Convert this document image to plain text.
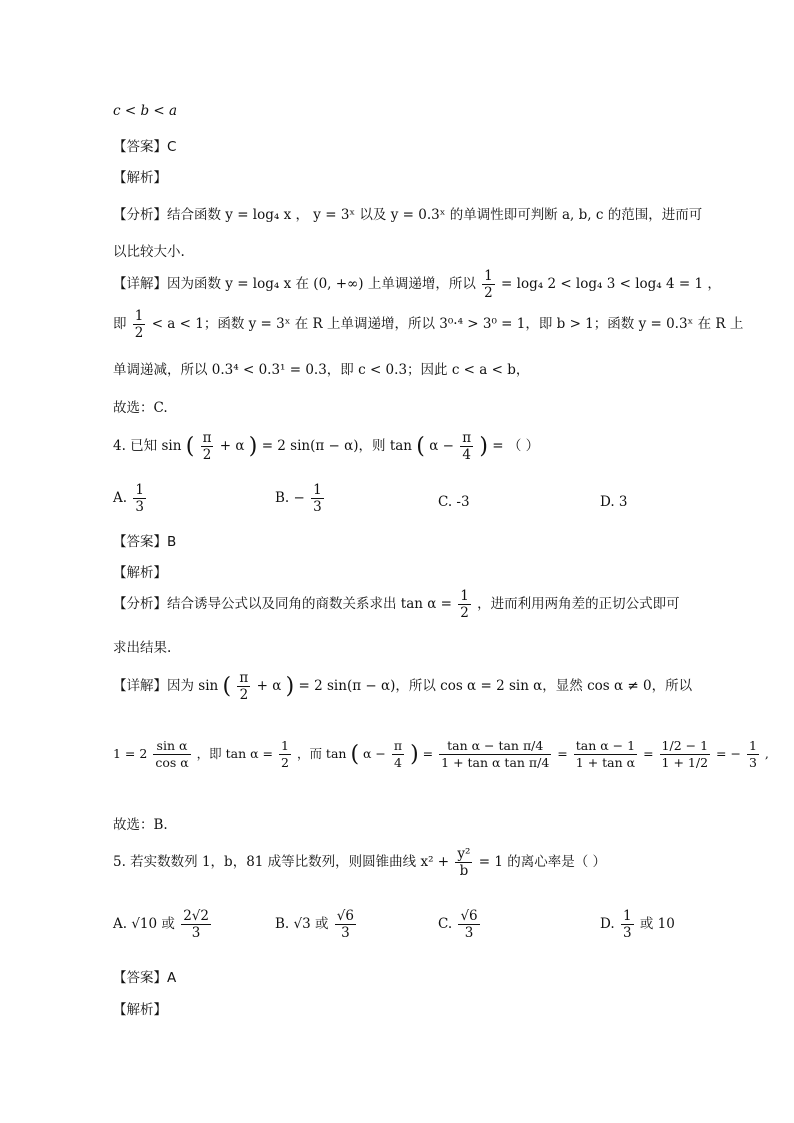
c < b < a
【答案】C
【解析】
【分析】结合函数 y = log₄ x ， y = 3ˣ 以及 y = 0.3ˣ 的单调性即可判断 a, b, c 的范围，进而可
以比较大小.
【详解】因为函数 y = log₄ x 在 (0, +∞) 上单调递增，所以 $\frac{1}{2} = \log_4$ 2 < log₄ 3 < log₄ 4 = 1 ，
即 $\frac{1}{2} < a < 1$；函数 y = 3ˣ 在 R 上单调递增，所以 3⁰·⁴ > 3⁰ = 1，即 b > 1；函数 y = 0.3ˣ 在 R 上
单调递减，所以 0.3⁴ < 0.3¹ = 0.3，即 c < 0.3；因此 c < a < b，
故选：C.
4. 已知 sin ( $\frac{\pi}{2} + \alpha$ ) = 2 sin(π − α)，则 tan ( $\alpha - \frac{\pi}{4}$ ) = （ ）
A. $\frac{1}{3}$	B. − $\frac{1}{3}$	C. -3	D. 3
【答案】B
【解析】
【分析】结合诱导公式以及同角的商数关系求出 $\tan \alpha = \frac{1}{2}$ ，进而利用两角差的正切公式即可
求出结果.
【详解】因为 sin ( $\frac{\pi}{2} + \alpha$ ) = 2 sin(π − α)，所以 cos α = 2 sin α，显然 cos α ≠ 0，所以
$1 = 2 \frac{\text{sin α}}{\text{cos α}}$ ，即 $\tan \alpha = \frac{1}{2}$ ，而 tan ( $\alpha - \frac{\pi}{4}$ ) = $\frac{\text{tan α − tan π/4}}{\text{1 + tan α tan π/4}} = \frac{\text{tan α − 1}}{\text{1 + tan α}} = \frac{1/2 - 1}{1 + 1/2}$ = − $\frac{1}{3}$ ,
故选：B.
5. 若实数数列 1，b，81 成等比数列，则圆锥曲线 $x^2 + \frac{\text{y²}}{b} = 1$ 的离心率是（ ）
A. √10 或 $\frac{2√2}{3}$	B. √3 或 $\frac{√6}{3}$	C. $\frac{√6}{3}$	D. $\frac{1}{3}$ 或 10
【答案】A
【解析】
